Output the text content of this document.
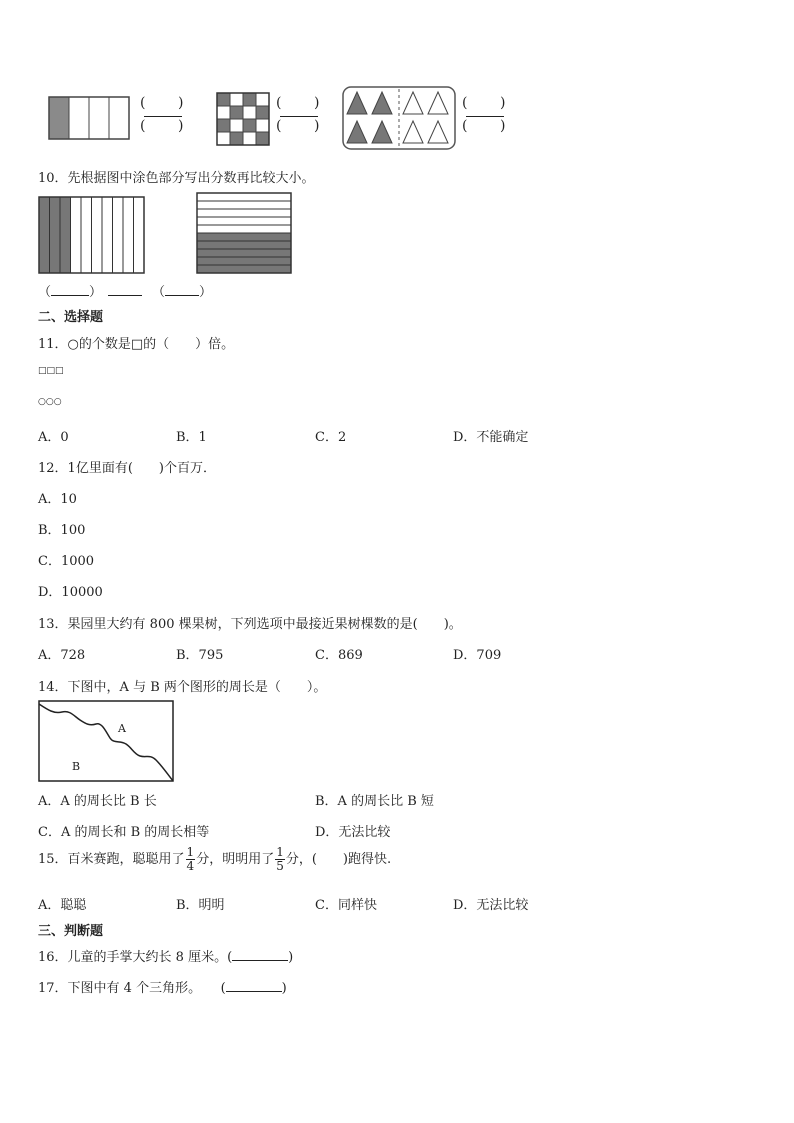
( )
( )
( )
( )
( )
( )
10．先根据图中涂色部分写出分数再比较大小。
（	）	（	）
二、选择题
11．○的个数是□的（　　）倍。
□□□
○○○
A．0	B．1	C．2	D．不能确定
12．1亿里面有(　　)个百万．
A．10
B．100
C．1000
D．10000
13．果园里大约有 800 棵果树，下列选项中最接近果树棵数的是(　　)。
A．728	B．795	C．869	D．709
14．下图中，A 与 B 两个图形的周长是（　　）。
A
B
A．A 的周长比 B 长	B．A 的周长比 B 短
C．A 的周长和 B 的周长相等	D．无法比较
15．百米赛跑，聪聪用了 $\frac{1}{4}$ 分，明明用了 $\frac{1}{5}$ 分，(　　)跑得快.
A．聪聪	B．明明	C．同样快	D．无法比较
三、判断题
16．儿童的手掌大约长 8 厘米。(	)
17．下图中有 4 个三角形。　　(	)
